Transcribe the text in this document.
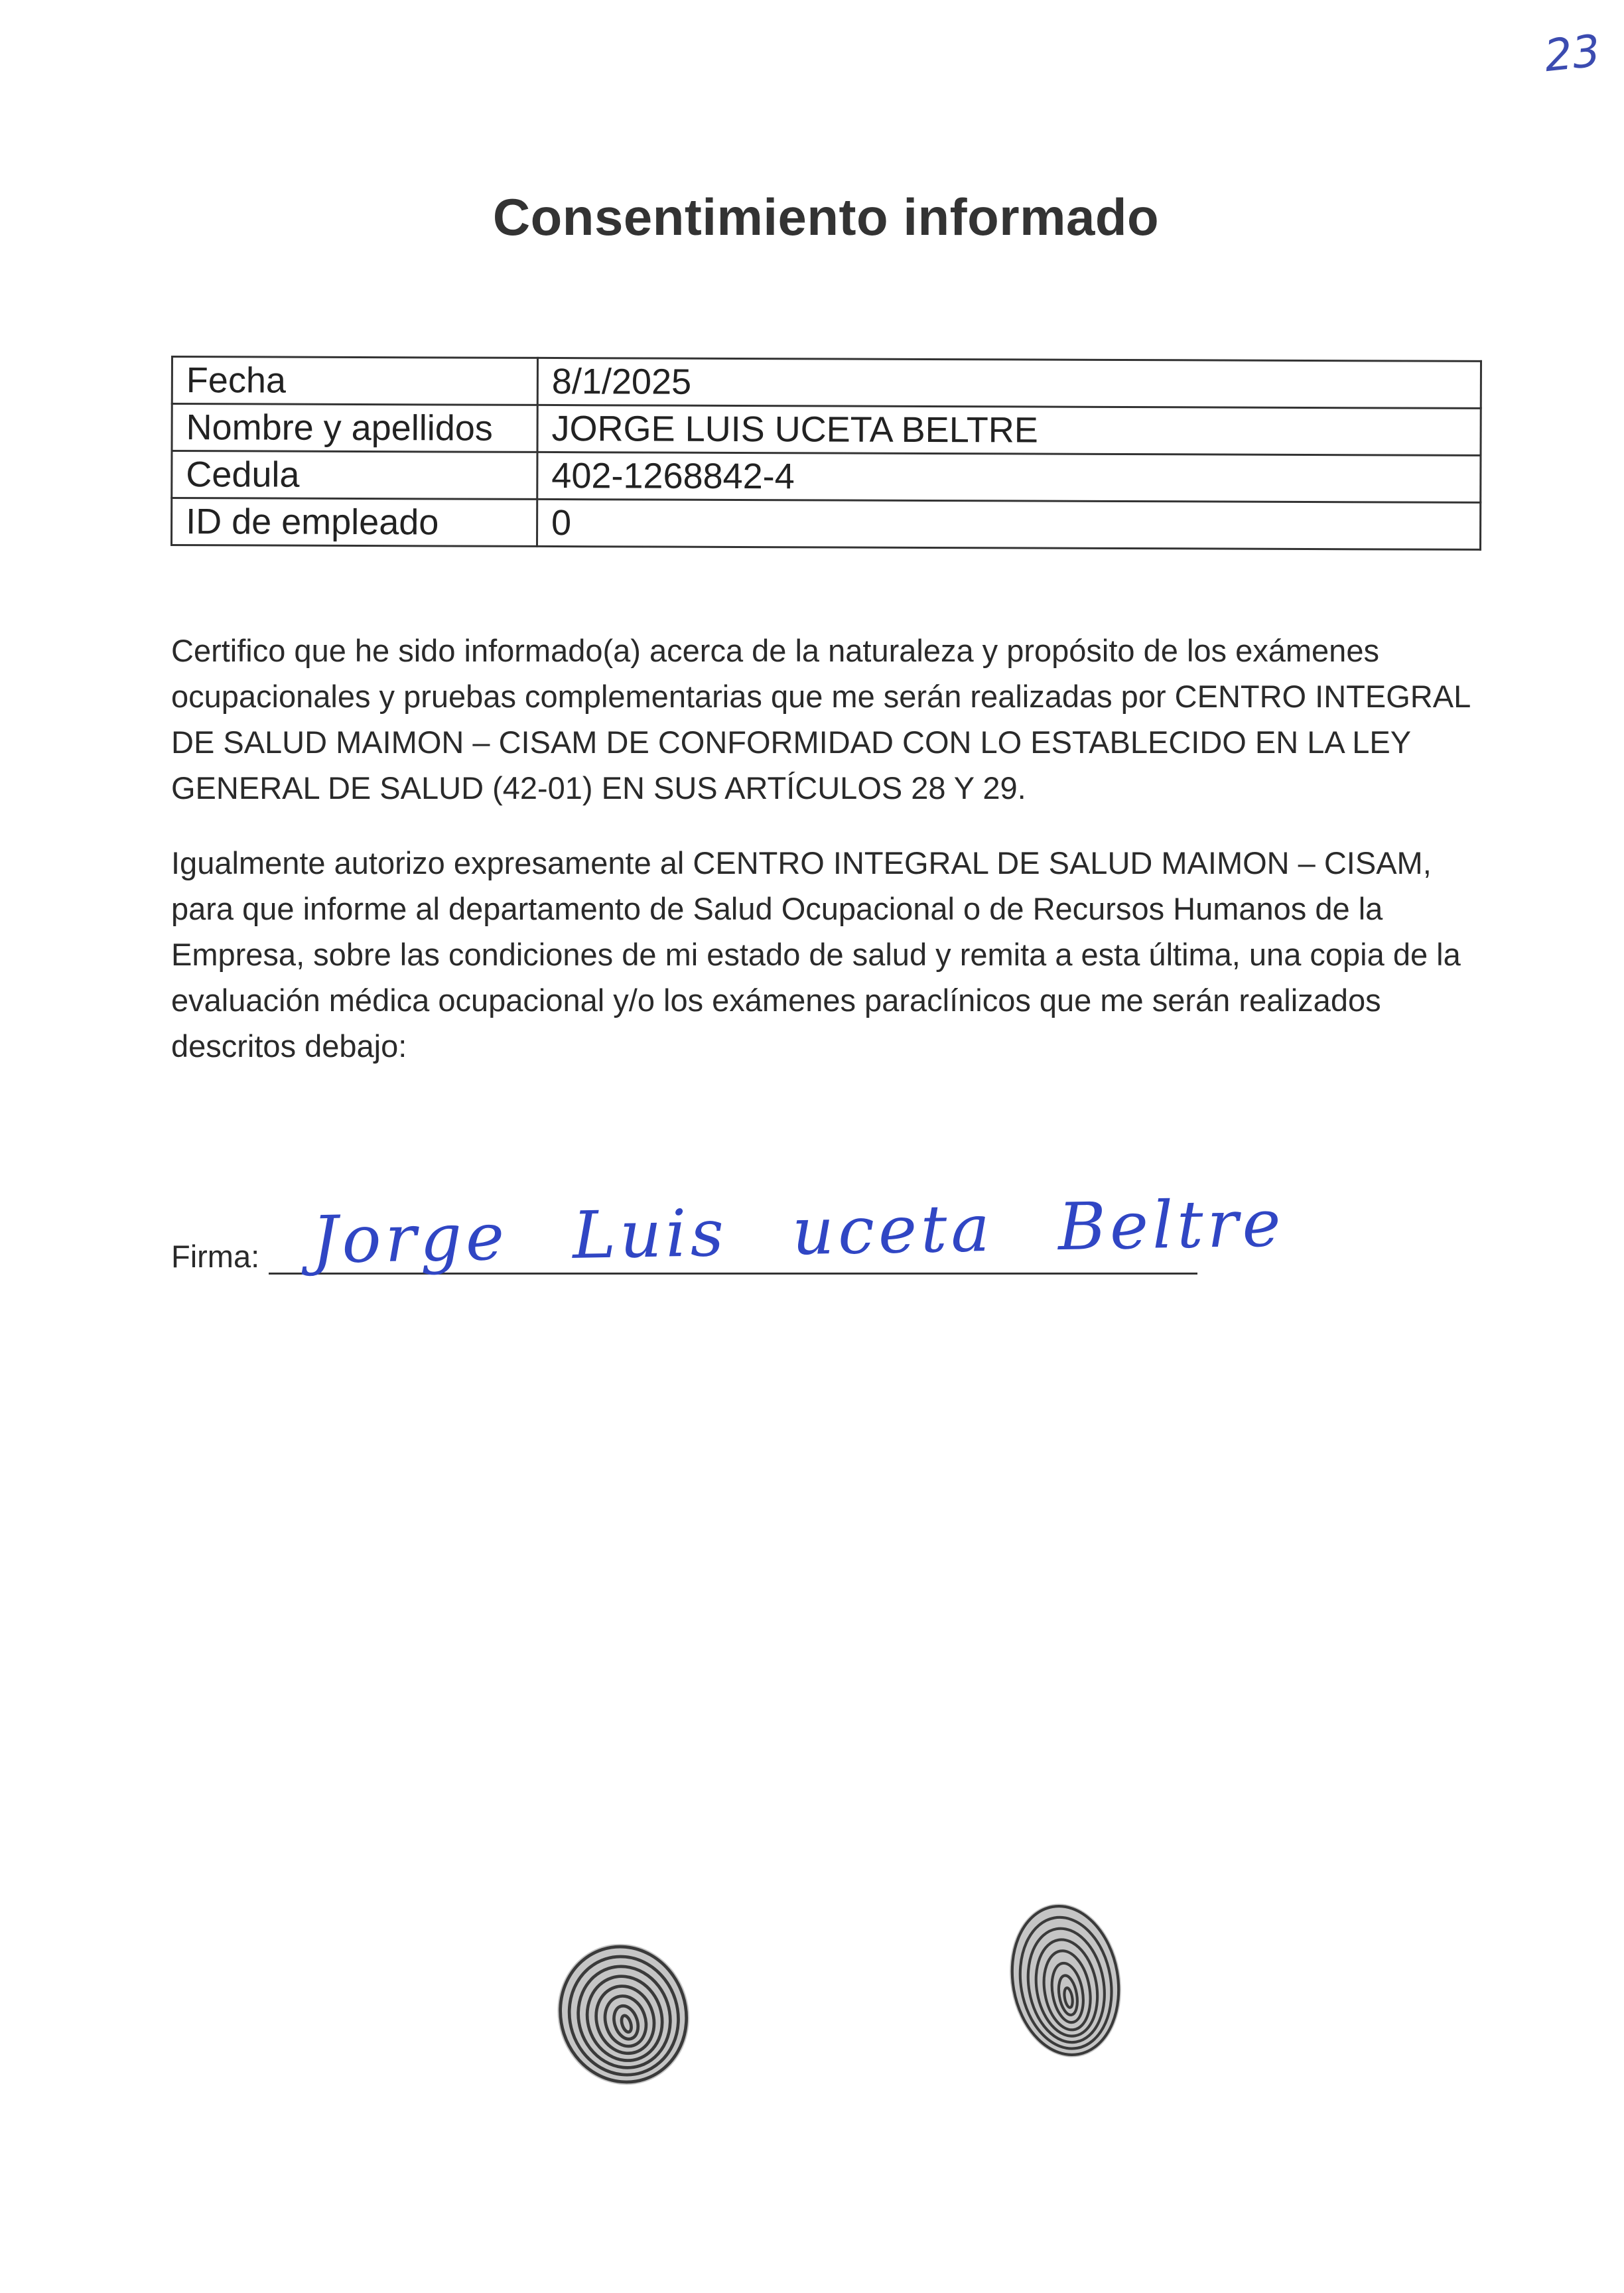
23
Consentimiento informado
Fecha	8/1/2025
Nombre y apellidos	JORGE LUIS UCETA BELTRE
Cedula	402-1268842-4
ID de empleado	0

Certifico que he sido informado(a) acerca de la naturaleza y propósito de los exámenes ocupacionales y pruebas complementarias que me serán realizadas por CENTRO INTEGRAL DE SALUD MAIMON – CISAM DE CONFORMIDAD CON LO ESTABLECIDO EN LA LEY GENERAL DE SALUD (42-01) EN SUS ARTÍCULOS 28 Y 29.

Igualmente autorizo expresamente al CENTRO INTEGRAL DE SALUD MAIMON – CISAM, para que informe al departamento de Salud Ocupacional o de Recursos Humanos de la Empresa, sobre las condiciones de mi estado de salud y remita a esta última, una copia de la evaluación médica ocupacional y/o los exámenes paraclínicos que me serán realizados descritos debajo:

Firma: Jorge Luis uceta Beltre
